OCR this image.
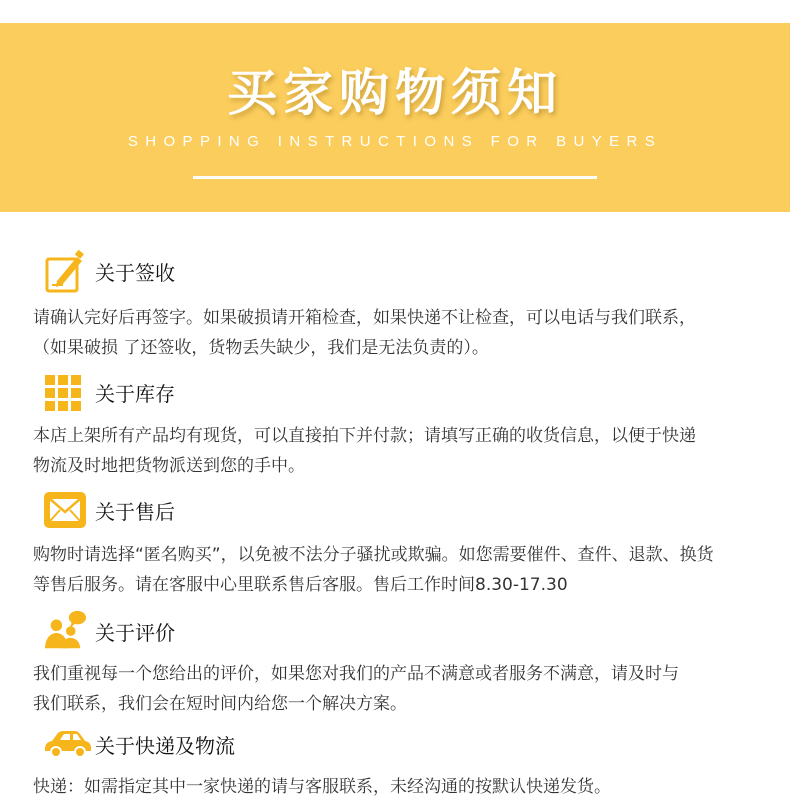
买家购物须知
SHOPPING INSTRUCTIONS FOR BUYERS
关于签收
请确认完好后再签字。如果破损请开箱检查，如果快递不让检查，可以电话与我们联系，
（如果破损 了还签收，货物丢失缺少，我们是无法负责的）。
关于库存
本店上架所有产品均有现货，可以直接拍下并付款；请填写正确的收货信息，以便于快递
物流及时地把货物派送到您的手中。
关于售后
购物时请选择“匿名购买”，以免被不法分子骚扰或欺骗。如您需要催件、查件、退款、换货
等售后服务。请在客服中心里联系售后客服。售后工作时间8.30-17.30
关于评价
我们重视每一个您给出的评价，如果您对我们的产品不满意或者服务不满意，请及时与
我们联系，我们会在短时间内给您一个解决方案。
关于快递及物流
快递：如需指定其中一家快递的请与客服联系，未经沟通的按默认快递发货。
